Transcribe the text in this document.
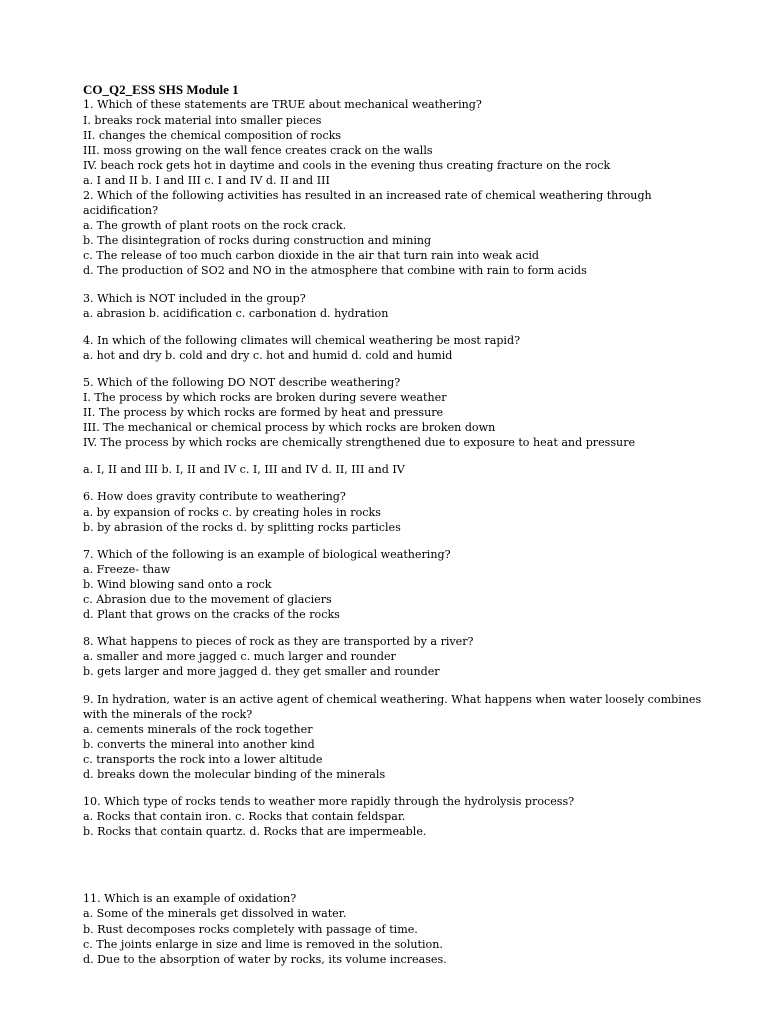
CO_Q2_ESS SHS Module 1
1. Which of these statements are TRUE about mechanical weathering?
I. breaks rock material into smaller pieces
II. changes the chemical composition of rocks
III. moss growing on the wall fence creates crack on the walls
IV. beach rock gets hot in daytime and cools in the evening thus creating fracture on the rock
a. I and II b. I and III c. I and IV d. II and III
2. Which of the following activities has resulted in an increased rate of chemical weathering through acidification?
a. The growth of plant roots on the rock crack.
b. The disintegration of rocks during construction and mining
c. The release of too much carbon dioxide in the air that turn rain into weak acid
d. The production of SO2 and NO in the atmosphere that combine with rain to form acids
3. Which is NOT included in the group?
a. abrasion b. acidification c. carbonation d. hydration
4. In which of the following climates will chemical weathering be most rapid?
a. hot and dry b. cold and dry c. hot and humid d. cold and humid
5. Which of the following DO NOT describe weathering?
I. The process by which rocks are broken during severe weather
II. The process by which rocks are formed by heat and pressure
III. The mechanical or chemical process by which rocks are broken down
IV. The process by which rocks are chemically strengthened due to exposure to heat and pressure
a. I, II and III b. I, II and IV c. I, III and IV d. II, III and IV
6. How does gravity contribute to weathering?
a. by expansion of rocks c. by creating holes in rocks
b. by abrasion of the rocks d. by splitting rocks particles
7. Which of the following is an example of biological weathering?
a. Freeze- thaw
b. Wind blowing sand onto a rock
c. Abrasion due to the movement of glaciers
d. Plant that grows on the cracks of the rocks
8. What happens to pieces of rock as they are transported by a river?
a. smaller and more jagged c. much larger and rounder
b. gets larger and more jagged d. they get smaller and rounder
9. In hydration, water is an active agent of chemical weathering. What happens when water loosely combines with the minerals of the rock?
a. cements minerals of the rock together
b. converts the mineral into another kind
c. transports the rock into a lower altitude
d. breaks down the molecular binding of the minerals
10. Which type of rocks tends to weather more rapidly through the hydrolysis process?
a. Rocks that contain iron. c. Rocks that contain feldspar.
b. Rocks that contain quartz. d. Rocks that are impermeable.
11. Which is an example of oxidation?
a. Some of the minerals get dissolved in water.
b. Rust decomposes rocks completely with passage of time.
c. The joints enlarge in size and lime is removed in the solution.
d. Due to the absorption of water by rocks, its volume increases.
